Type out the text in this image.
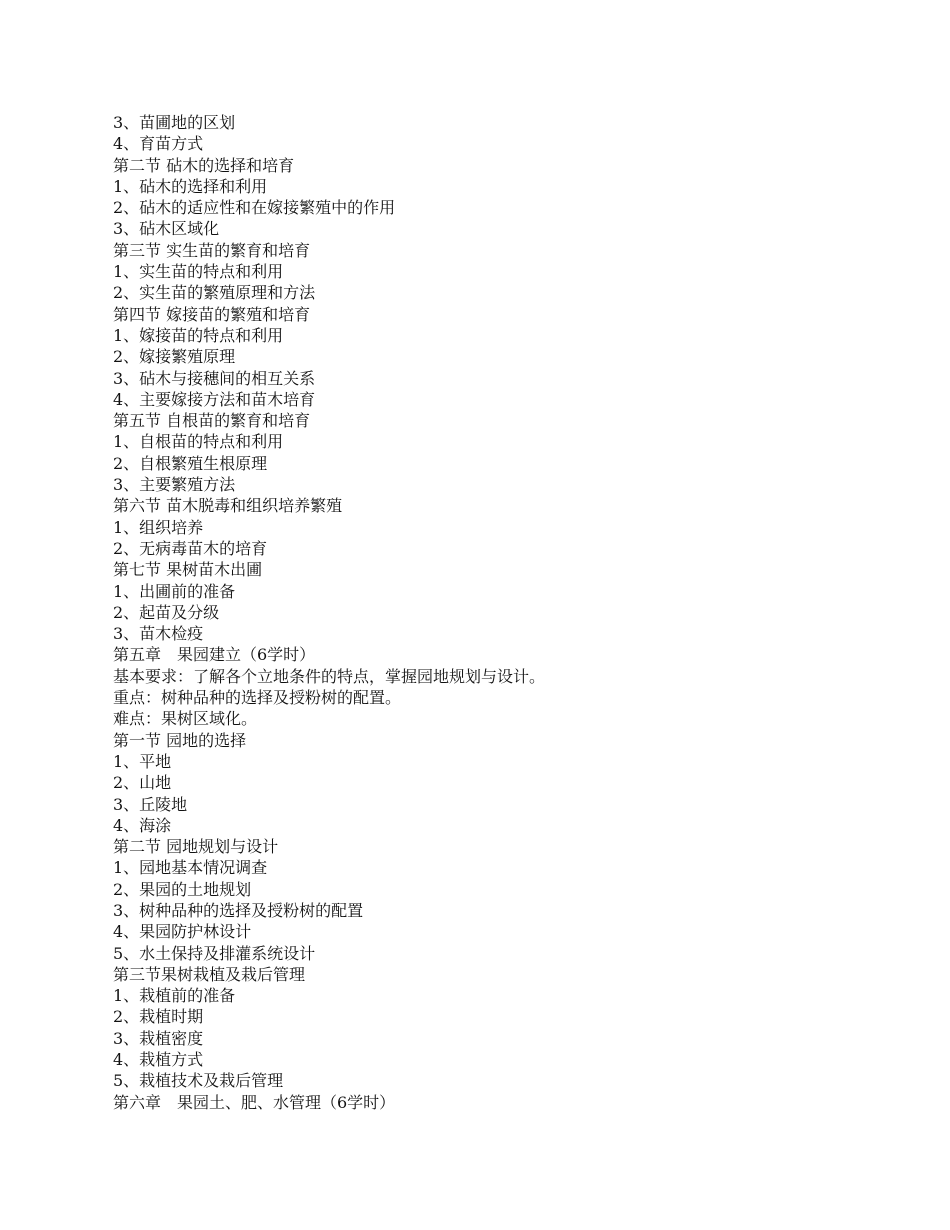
3、苗圃地的区划
4、育苗方式
第二节 砧木的选择和培育
1、砧木的选择和利用
2、砧木的适应性和在嫁接繁殖中的作用
3、砧木区域化
第三节 实生苗的繁育和培育
1、实生苗的特点和利用
2、实生苗的繁殖原理和方法
第四节 嫁接苗的繁殖和培育
1、嫁接苗的特点和利用
2、嫁接繁殖原理
3、砧木与接穗间的相互关系
4、主要嫁接方法和苗木培育
第五节 自根苗的繁育和培育
1、自根苗的特点和利用
2、自根繁殖生根原理
3、主要繁殖方法
第六节 苗木脱毒和组织培养繁殖
1、组织培养
2、无病毒苗木的培育
第七节 果树苗木出圃
1、出圃前的准备
2、起苗及分级
3、苗木检疫
第五章　果园建立（6学时）
基本要求：了解各个立地条件的特点，掌握园地规划与设计。
重点：树种品种的选择及授粉树的配置。
难点：果树区域化。
第一节 园地的选择
1、平地
2、山地
3、丘陵地
4、海涂
第二节 园地规划与设计
1、园地基本情况调查
2、果园的土地规划
3、树种品种的选择及授粉树的配置
4、果园防护林设计
5、水土保持及排灌系统设计
第三节果树栽植及栽后管理
1、栽植前的准备
2、栽植时期
3、栽植密度
4、栽植方式
5、栽植技术及栽后管理
第六章　果园土、肥、水管理（6学时）
